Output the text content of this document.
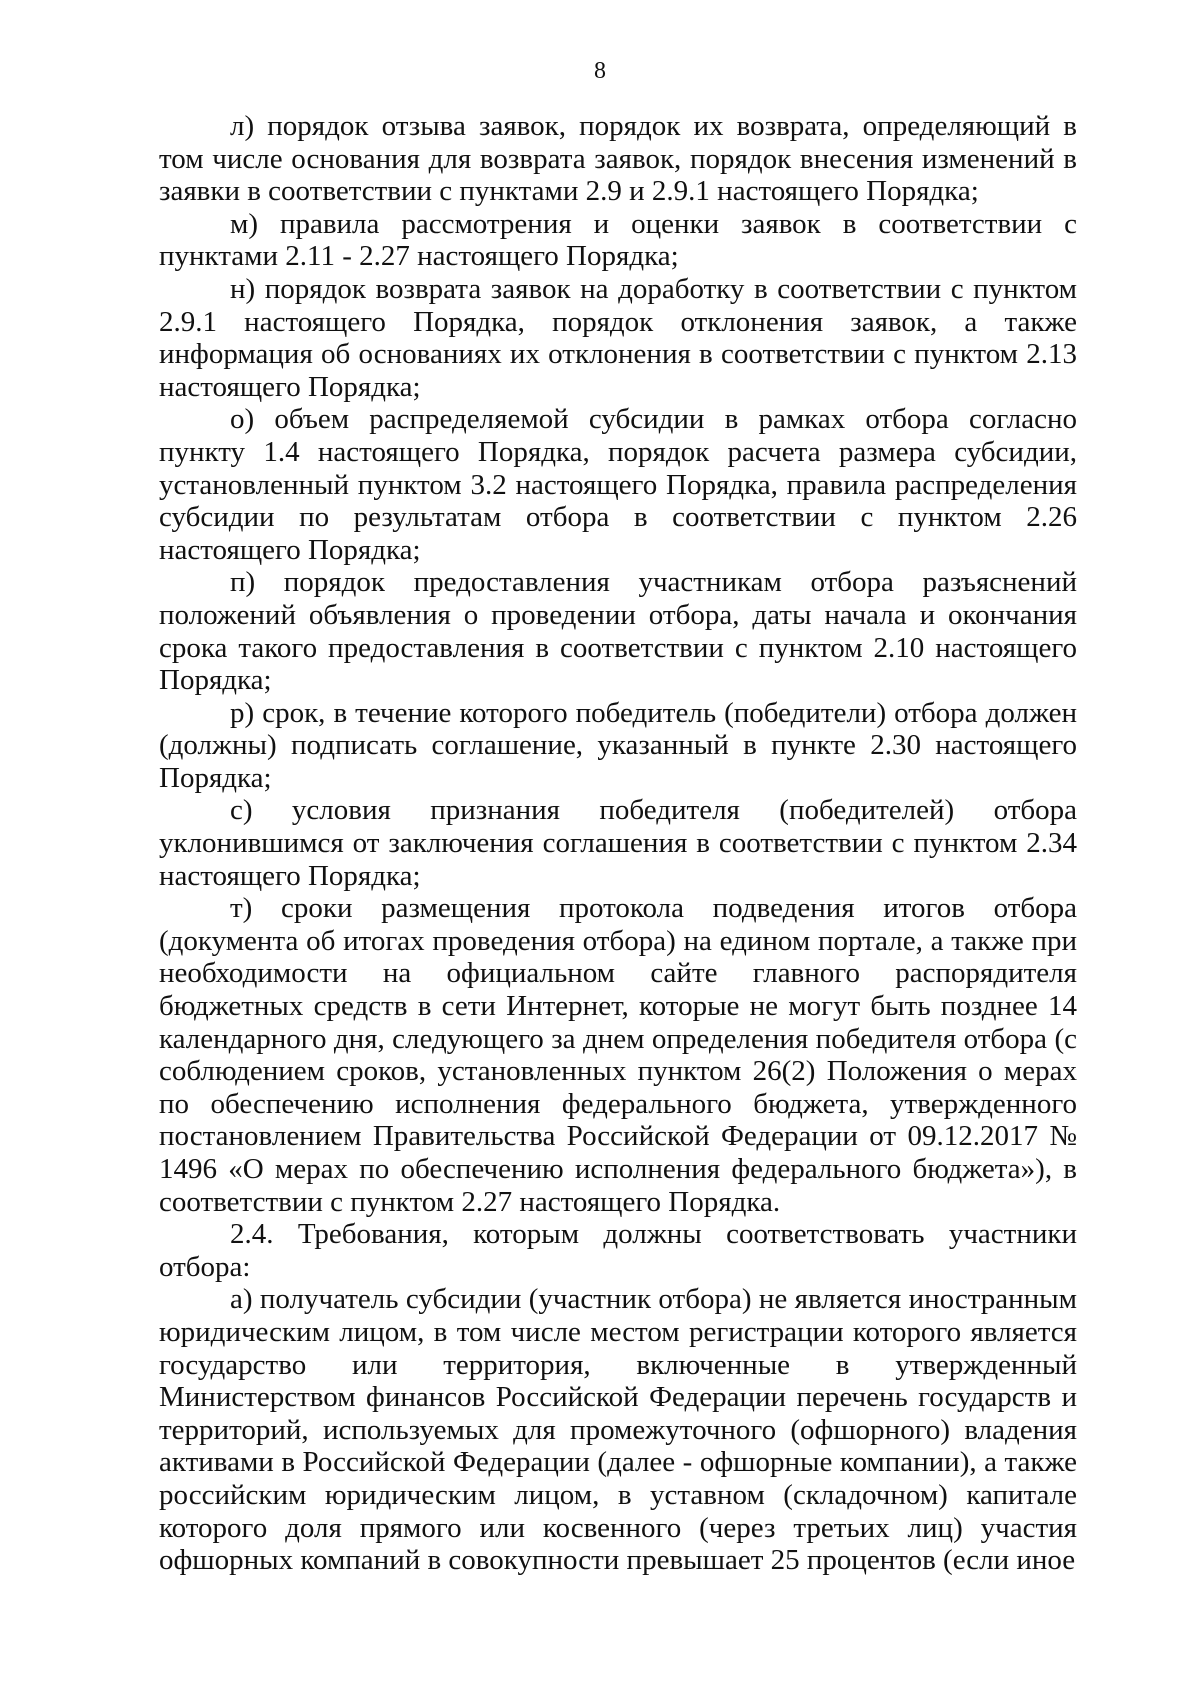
8

л) порядок отзыва заявок, порядок их возврата, определяющий в том числе основания для возврата заявок, порядок внесения изменений в заявки в соответствии с пунктами 2.9 и 2.9.1 настоящего Порядка;

м) правила рассмотрения и оценки заявок в соответствии с пунктами 2.11 - 2.27 настоящего Порядка;

н) порядок возврата заявок на доработку в соответствии с пунктом 2.9.1 настоящего Порядка, порядок отклонения заявок, а также информация об основаниях их отклонения в соответствии с пунктом 2.13 настоящего Порядка;

о) объем распределяемой субсидии в рамках отбора согласно пункту 1.4 настоящего Порядка, порядок расчета размера субсидии, установленный пунктом 3.2 настоящего Порядка, правила распределения субсидии по результатам отбора в соответствии с пунктом 2.26 настоящего Порядка;

п) порядок предоставления участникам отбора разъяснений положений объявления о проведении отбора, даты начала и окончания срока такого предоставления в соответствии с пунктом 2.10 настоящего Порядка;

р) срок, в течение которого победитель (победители) отбора должен (должны) подписать соглашение, указанный в пункте 2.30 настоящего Порядка;

с) условия признания победителя (победителей) отбора уклонившимся от заключения соглашения в соответствии с пунктом 2.34 настоящего Порядка;

т) сроки размещения протокола подведения итогов отбора (документа об итогах проведения отбора) на едином портале, а также при необходимости на официальном сайте главного распорядителя бюджетных средств в сети Интернет, которые не могут быть позднее 14 календарного дня, следующего за днем определения победителя отбора (с соблюдением сроков, установленных пунктом 26(2) Положения о мерах по обеспечению исполнения федерального бюджета, утвержденного постановлением Правительства Российской Федерации от 09.12.2017 № 1496 «О мерах по обеспечению исполнения федерального бюджета»), в соответствии с пунктом 2.27 настоящего Порядка.

2.4. Требования, которым должны соответствовать участники отбора:

а) получатель субсидии (участник отбора) не является иностранным юридическим лицом, в том числе местом регистрации которого является государство или территория, включенные в утвержденный Министерством финансов Российской Федерации перечень государств и территорий, используемых для промежуточного (офшорного) владения активами в Российской Федерации (далее - офшорные компании), а также российским юридическим лицом, в уставном (складочном) капитале которого доля прямого или косвенного (через третьих лиц) участия офшорных компаний в совокупности превышает 25 процентов (если иное
